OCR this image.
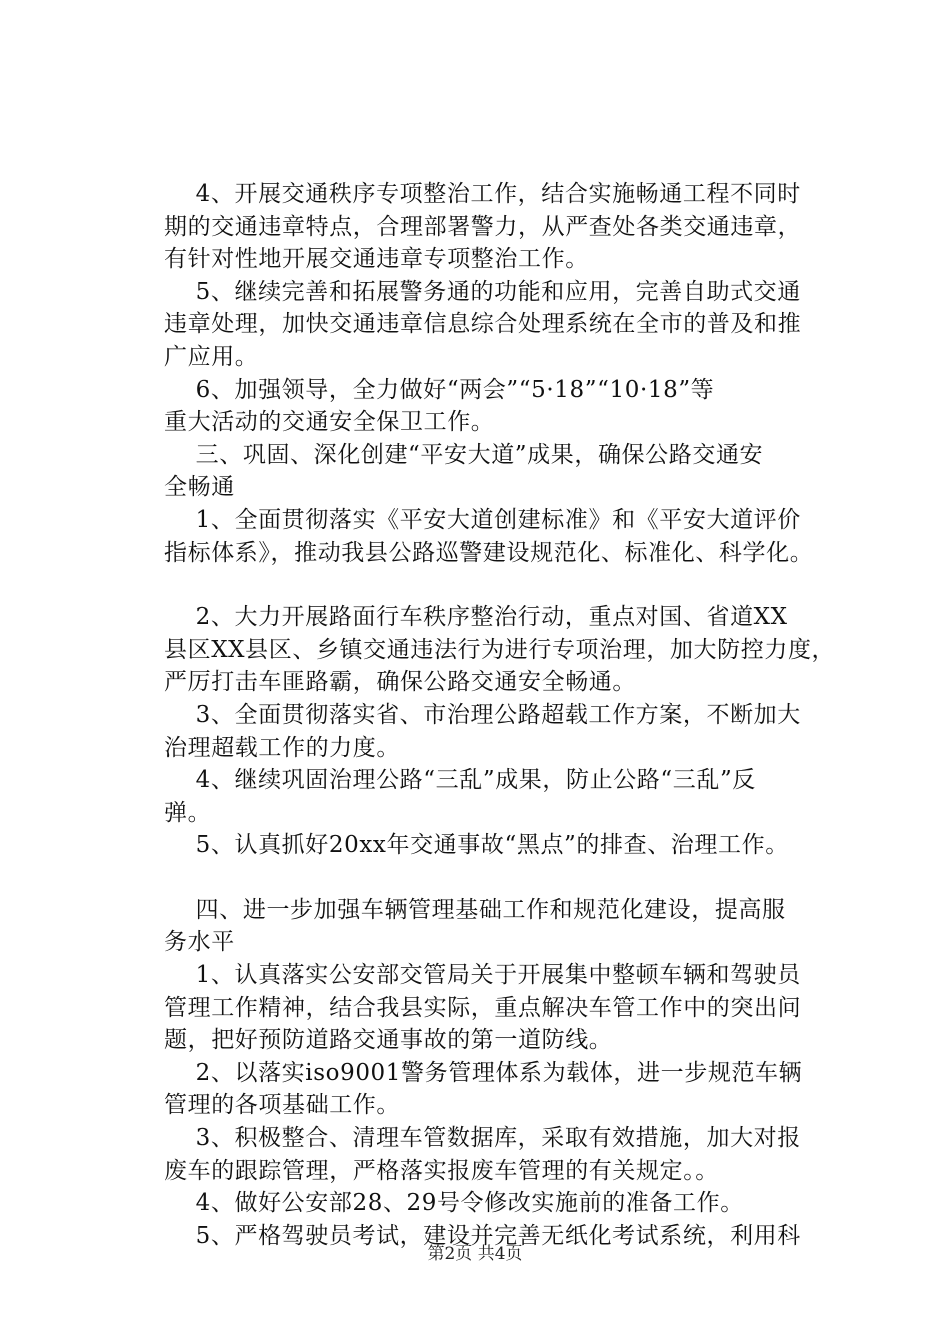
4、开展交通秩序专项整治工作，结合实施畅通工程不同时
期的交通违章特点，合理部署警力，从严查处各类交通违章，
有针对性地开展交通违章专项整治工作。
5、继续完善和拓展警务通的功能和应用，完善自助式交通
违章处理，加快交通违章信息综合处理系统在全市的普及和推
广应用。
6、加强领导，全力做好“两会”“5·18”“10·18”等
重大活动的交通安全保卫工作。
三、巩固、深化创建“平安大道”成果，确保公路交通安
全畅通
1、全面贯彻落实《平安大道创建标准》和《平安大道评价
指标体系》，推动我县公路巡警建设规范化、标准化、科学化。
2、大力开展路面行车秩序整治行动，重点对国、省道XX
县区XX县区、乡镇交通违法行为进行专项治理，加大防控力度，
严厉打击车匪路霸，确保公路交通安全畅通。
3、全面贯彻落实省、市治理公路超载工作方案，不断加大
治理超载工作的力度。
4、继续巩固治理公路“三乱”成果，防止公路“三乱”反
弹。
5、认真抓好20xx年交通事故“黑点”的排查、治理工作。
四、进一步加强车辆管理基础工作和规范化建设，提高服
务水平
1、认真落实公安部交管局关于开展集中整顿车辆和驾驶员
管理工作精神，结合我县实际，重点解决车管工作中的突出问
题，把好预防道路交通事故的第一道防线。
2、以落实iso9001警务管理体系为载体，进一步规范车辆
管理的各项基础工作。
3、积极整合、清理车管数据库，采取有效措施，加大对报
废车的跟踪管理，严格落实报废车管理的有关规定。。
4、做好公安部28、29号令修改实施前的准备工作。
5、严格驾驶员考试，建设并完善无纸化考试系统，利用科
第2页 共4页
